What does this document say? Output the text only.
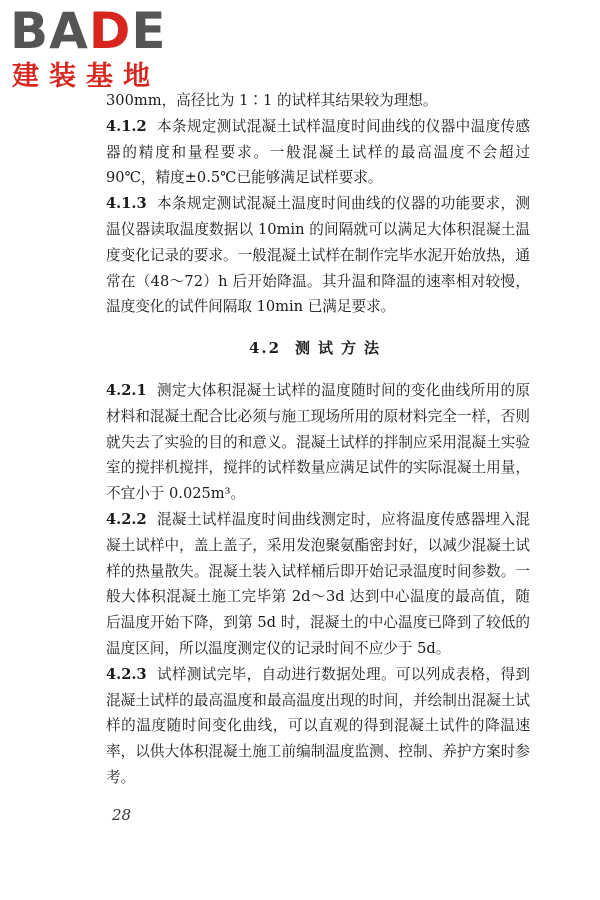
BADE
建装基地

300mm，高径比为 1∶1 的试样其结果较为理想。

4.1.2 本条规定测试混凝土试样温度时间曲线的仪器中温度传感器的精度和量程要求。一般混凝土试样的最高温度不会超过 90℃，精度±0.5℃已能够满足试样要求。

4.1.3 本条规定测试混凝土温度时间曲线的仪器的功能要求，测温仪器读取温度数据以 10min 的间隔就可以满足大体积混凝土温度变化记录的要求。一般混凝土试样在制作完毕水泥开始放热，通常在（48～72）h 后开始降温。其升温和降温的速率相对较慢，温度变化的试件间隔取 10min 已满足要求。

4.2 测试方法

4.2.1 测定大体积混凝土试样的温度随时间的变化曲线所用的原材料和混凝土配合比必须与施工现场所用的原材料完全一样，否则就失去了实验的目的和意义。混凝土试样的拌制应采用混凝土实验室的搅拌机搅拌，搅拌的试样数量应满足试件的实际混凝土用量，不宜小于 0.025m³。

4.2.2 混凝土试样温度时间曲线测定时，应将温度传感器埋入混凝土试样中，盖上盖子，采用发泡聚氨酯密封好，以减少混凝土试样的热量散失。混凝土装入试样桶后即开始记录温度时间参数。一般大体积混凝土施工完毕第 2d～3d 达到中心温度的最高值，随后温度开始下降，到第 5d 时，混凝土的中心温度已降到了较低的温度区间，所以温度测定仪的记录时间不应少于 5d。

4.2.3 试样测试完毕，自动进行数据处理。可以列成表格，得到混凝土试样的最高温度和最高温度出现的时间，并绘制出混凝土试样的温度随时间变化曲线，可以直观的得到混凝土试件的降温速率，以供大体积混凝土施工前编制温度监测、控制、养护方案时参考。

28
